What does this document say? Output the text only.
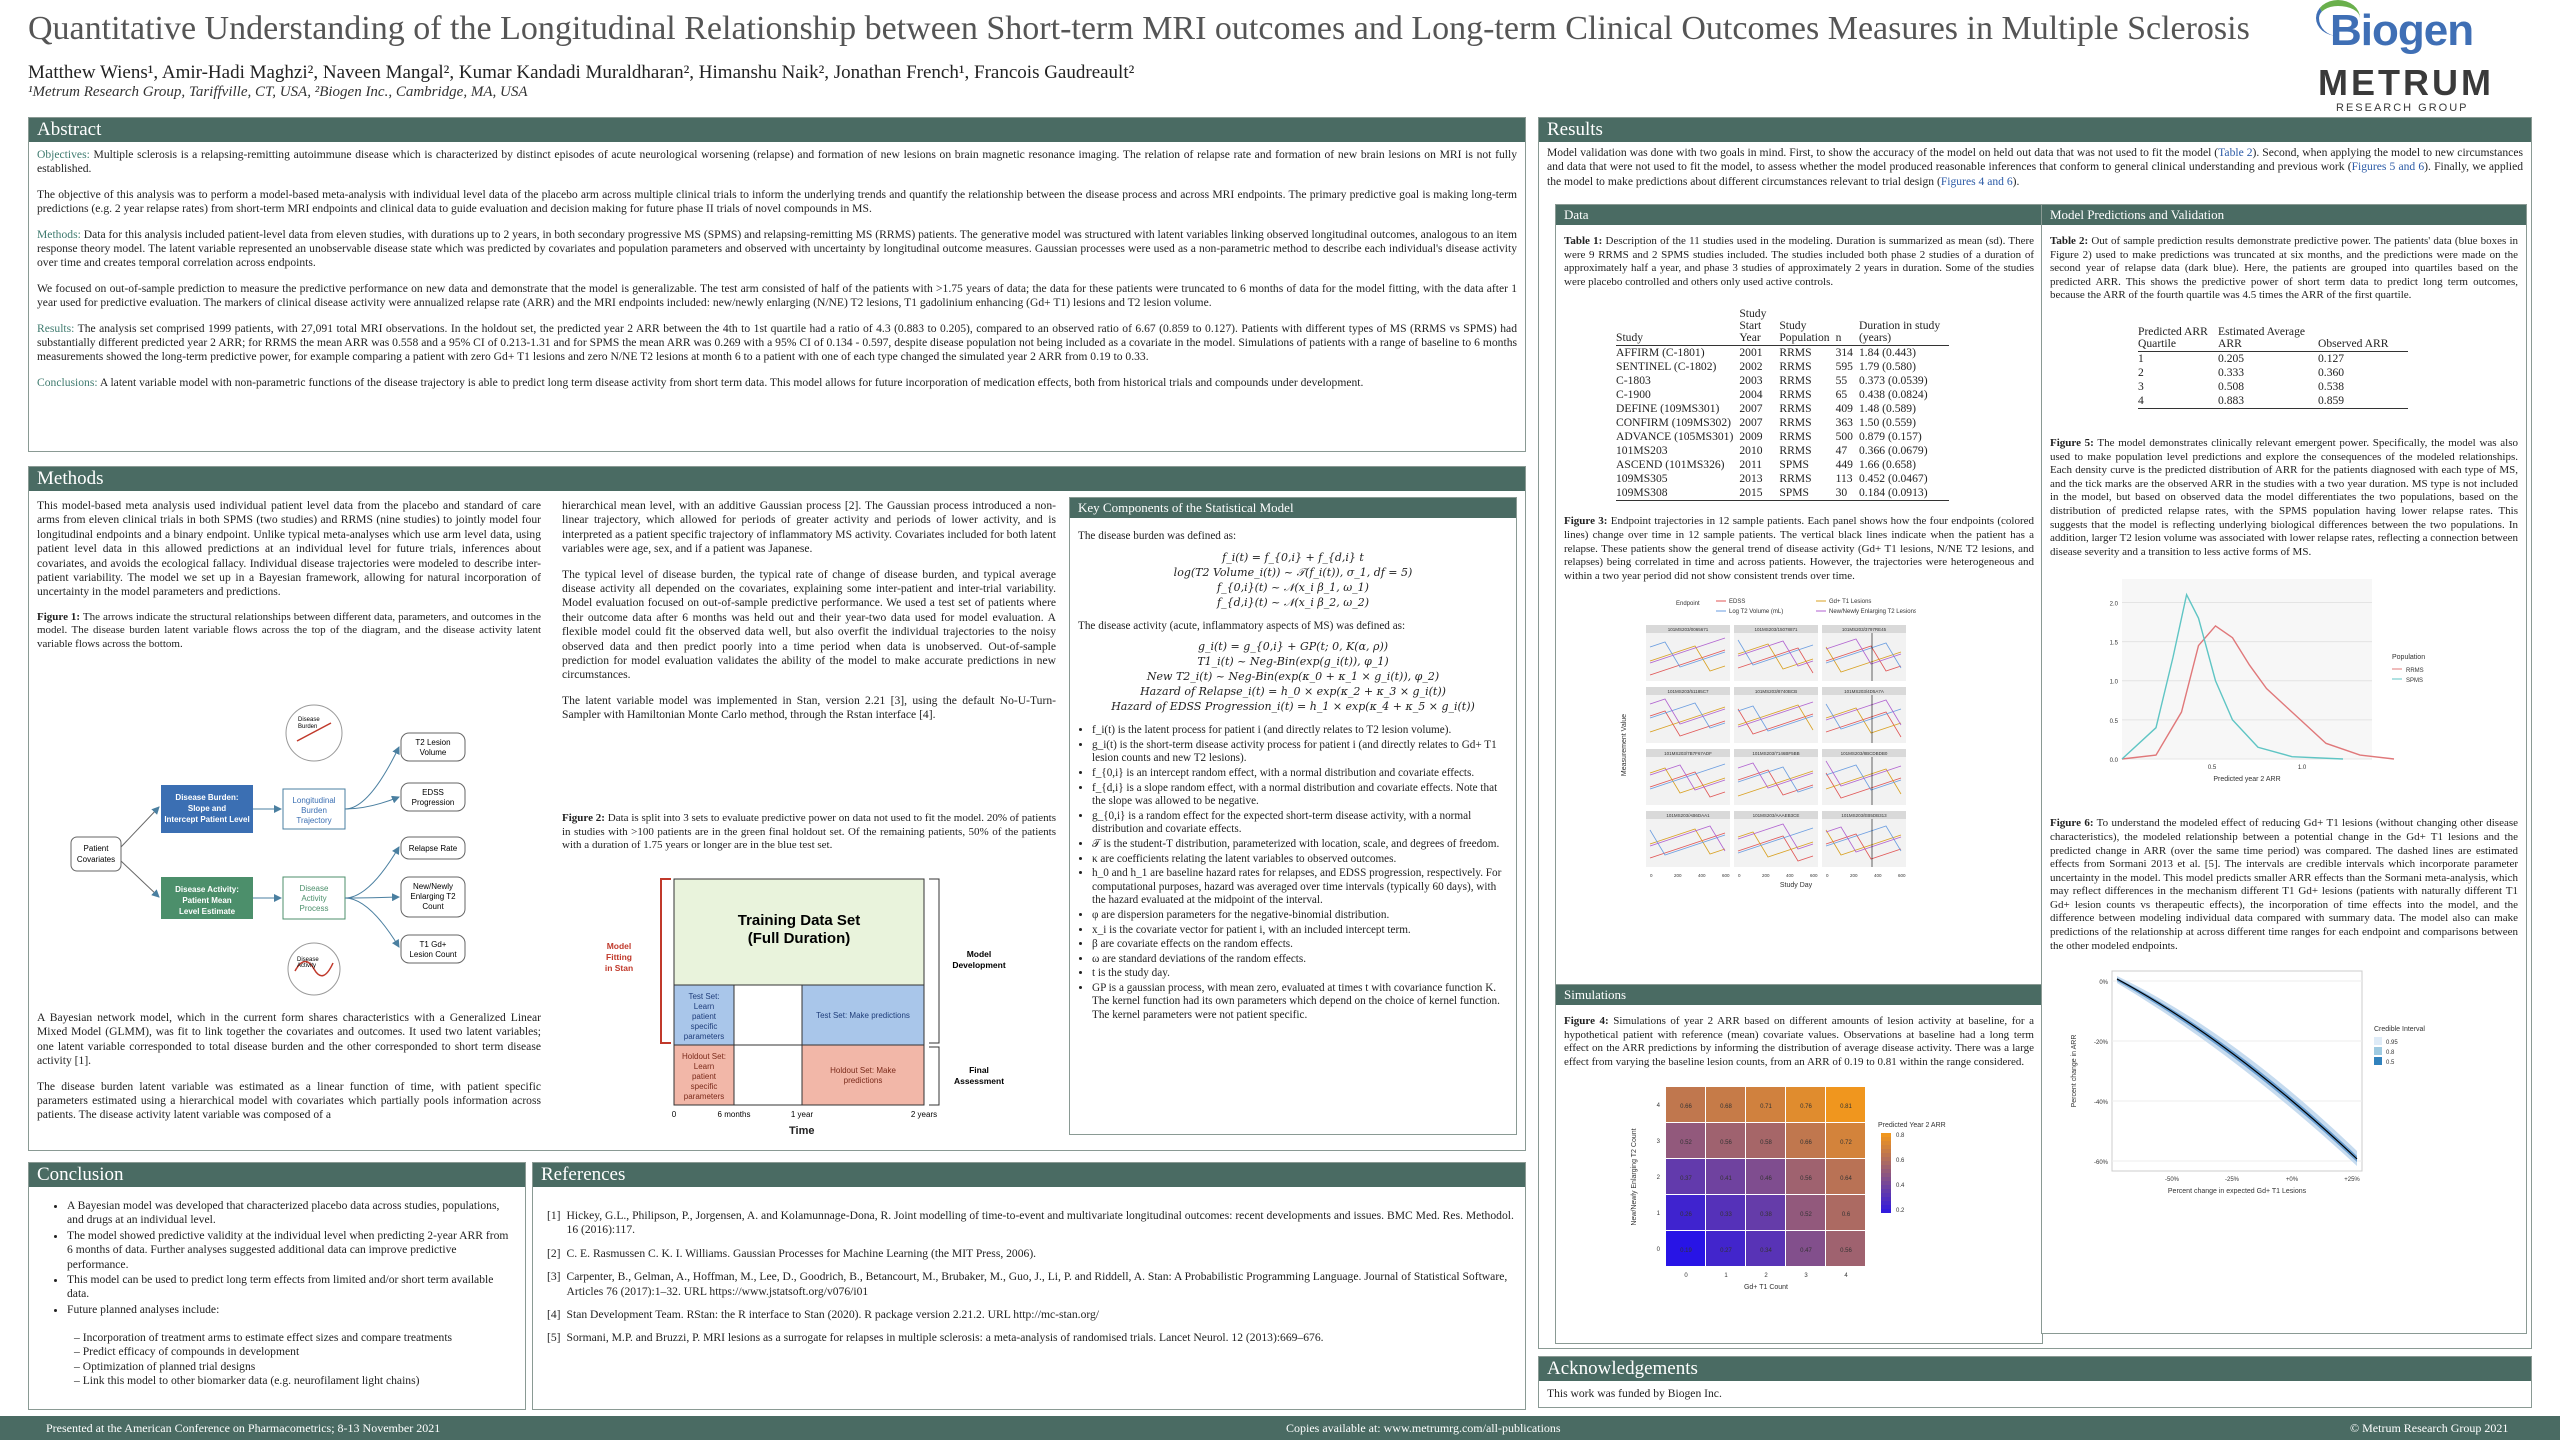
Quantitative Understanding of the Longitudinal Relationship between Short-term MRI outcomes and Long-term Clinical Outcomes Measures in Multiple Sclerosis
Matthew Wiens¹, Amir-Hadi Maghzi², Naveen Mangal², Kumar Kandadi Muraldharan², Himanshu Naik², Jonathan French¹, Francois Gaudreault²
¹Metrum Research Group, Tariffville, CT, USA, ²Biogen Inc., Cambridge, MA, USA
Biogen
METRUM
RESEARCH GROUP
Abstract

Objectives: Multiple sclerosis is a relapsing-remitting autoimmune disease which is characterized by distinct episodes of acute neurological worsening (relapse) and formation of new lesions on brain magnetic resonance imaging. The relation of relapse rate and formation of new brain lesions on MRI is not fully established.

The objective of this analysis was to perform a model-based meta-analysis with individual level data of the placebo arm across multiple clinical trials to inform the underlying trends and quantify the relationship between the disease process and across MRI endpoints. The primary predictive goal is making long-term predictions (e.g. 2 year relapse rates) from short-term MRI endpoints and clinical data to guide evaluation and decision making for future phase II trials of novel compounds in MS.

Methods: Data for this analysis included patient-level data from eleven studies, with durations up to 2 years, in both secondary progressive MS (SPMS) and relapsing-remitting MS (RRMS) patients. The generative model was structured with latent variables linking observed longitudinal outcomes, analogous to an item response theory model. The latent variable represented an unobservable disease state which was predicted by covariates and population parameters and observed with uncertainty by longitudinal outcome measures. Gaussian processes were used as a non-parametric method to describe each individual's disease activity over time and creates temporal correlation across endpoints.

We focused on out-of-sample prediction to measure the predictive performance on new data and demonstrate that the model is generalizable. The test arm consisted of half of the patients with >1.75 years of data; the data for these patients were truncated to 6 months of data for the model fitting, with the data after 1 year used for predictive evaluation. The markers of clinical disease activity were annualized relapse rate (ARR) and the MRI endpoints included: new/newly enlarging (N/NE) T2 lesions, T1 gadolinium enhancing (Gd+ T1) lesions and T2 lesion volume.

Results: The analysis set comprised 1999 patients, with 27,091 total MRI observations. In the holdout set, the predicted year 2 ARR between the 4th to 1st quartile had a ratio of 4.3 (0.883 to 0.205), compared to an observed ratio of 6.67 (0.859 to 0.127). Patients with different types of MS (RRMS vs SPMS) had substantially different predicted year 2 ARR; for RRMS the mean ARR was 0.558 and a 95% CI of 0.213-1.31 and for SPMS the mean ARR was 0.269 with a 95% CI of 0.134 - 0.597, despite disease population not being included as a covariate in the model. Simulations of patients with a range of baseline to 6 months measurements showed the long-term predictive power, for example comparing a patient with zero Gd+ T1 lesions and zero N/NE T2 lesions at month 6 to a patient with one of each type changed the simulated year 2 ARR from 0.19 to 0.33.

Conclusions: A latent variable model with non-parametric functions of the disease trajectory is able to predict long term disease activity from short term data. This model allows for future incorporation of medication effects, both from historical trials and compounds under development.

Methods

This model-based meta analysis used individual patient level data from the placebo and standard of care arms from eleven clinical trials in both SPMS (two studies) and RRMS (nine studies) to jointly model four longitudinal endpoints and a binary endpoint. Unlike typical meta-analyses which use arm level data, using patient level data in this allowed predictions at an individual level for future trials, inferences about covariates, and avoids the ecological fallacy. Individual disease trajectories were modeled to describe inter-patient variability. The model we set up in a Bayesian framework, allowing for natural incorporation of uncertainty in the model parameters and predictions.

Figure 1: The arrows indicate the structural relationships between different data, parameters, and outcomes in the model. The disease burden latent variable flows across the top of the diagram, and the disease activity latent variable flows across the bottom.

Patient
Covariates
Disease Burden:
Slope and
Intercept Patient Level
Disease Activity:
Patient Mean
Level Estimate
Longitudinal
Burden
Trajectory
Disease
Activity
Process
Disease
Burden
Disease
Activity
T2 Lesion
Volume
EDSS
Progression
Relapse Rate
New/Newly
Enlarging T2
Count
T1 Gd+
Lesion Count

A Bayesian network model, which in the current form shares characteristics with a Generalized Linear Mixed Model (GLMM), was fit to link together the covariates and outcomes. It used two latent variables; one latent variable corresponded to total disease burden and the other corresponded to short term disease activity [1].

The disease burden latent variable was estimated as a linear function of time, with patient specific parameters estimated using a hierarchical model with covariates which partially pools information across patients. The disease activity latent variable was composed of a

hierarchical mean level, with an additive Gaussian process [2]. The Gaussian process introduced a non-linear trajectory, which allowed for periods of greater activity and periods of lower activity, and is interpreted as a patient specific trajectory of inflammatory MS activity. Covariates included for both latent variables were age, sex, and if a patient was Japanese.

The typical level of disease burden, the typical rate of change of disease burden, and typical average disease activity all depended on the covariates, explaining some inter-patient and inter-trial variability. Model evaluation focused on out-of-sample predictive performance. We used a test set of patients where their outcome data after 6 months was held out and their year-two data used for model evaluation. A flexible model could fit the observed data well, but also overfit the individual trajectories to the noisy observed data and then predict poorly into a time period when data is unobserved. Out-of-sample prediction for model evaluation validates the ability of the model to make accurate predictions in new circumstances.

The latent variable model was implemented in Stan, version 2.21 [3], using the default No-U-Turn-Sampler with Hamiltonian Monte Carlo method, through the Rstan interface [4].

Figure 2: Data is split into 3 sets to evaluate predictive power on data not used to fit the model. 20% of patients in studies with >100 patients are in the green final holdout set. Of the remaining patients, 50% of the patients with a duration of 1.75 years or longer are in the blue test set.
Training Data Set
(Full Duration)
Test Set:
Learn
patient
specific
parameters
Test Set: Make predictions
Holdout Set:
Learn
patient
specific
parameters
Holdout Set: Make
predictions
Model
Fitting
in Stan
Model
Development
Final
Assessment
0	6 months	1 year	2 years
Time
Key Components of the Statistical Model

The disease burden was defined as:

f_i(t) = f_{0,i} + f_{d,i} t
log(T2 Volume_i(t)) ~ 𝒯(f_i(t)), σ_1, df = 5)
f_{0,i}(t) ~ 𝒩(x_i β_1, ω_1)
f_{d,i}(t) ~ 𝒩(x_i β_2, ω_2)

The disease activity (acute, inflammatory aspects of MS) was defined as:

g_i(t) = g_{0,i} + GP(t; 0, K(α, ρ))
T1_i(t) ~ Neg-Bin(exp(g_i(t)), φ_1)
New T2_i(t) ~ Neg-Bin(exp(κ_0 + κ_1 × g_i(t)), φ_2)
Hazard of Relapse_i(t) = h_0 × exp(κ_2 + κ_3 × g_i(t))
Hazard of EDSS Progression_i(t) = h_1 × exp(κ_4 + κ_5 × g_i(t))
• f_i(t) is the latent process for patient i (and directly relates to T2 lesion volume).
• g_i(t) is the short-term disease activity process for patient i (and directly relates to Gd+ T1 lesion counts and new T2 lesions).
• f_{0,i} is an intercept random effect, with a normal distribution and covariate effects.
• f_{d,i} is a slope random effect, with a normal distribution and covariate effects. Note that the slope was allowed to be negative.
• g_{0,i} is a random effect for the expected short-term disease activity, with a normal distribution and covariate effects.
• 𝒯 is the student-T distribution, parameterized with location, scale, and degrees of freedom.
• κ are coefficients relating the latent variables to observed outcomes.
• h_0 and h_1 are baseline hazard rates for relapses, and EDSS progression, respectively. For computational purposes, hazard was averaged over time intervals (typically 60 days), with the hazard evaluated at the midpoint of the interval.
• φ are dispersion parameters for the negative-binomial distribution.
• x_i is the covariate vector for patient i, with an included intercept term.
• β are covariate effects on the random effects.
• ω are standard deviations of the random effects.
• t is the study day.
• GP is a gaussian process, with mean zero, evaluated at times t with covariance function K. The kernel function had its own parameters which depend on the choice of kernel function. The kernel parameters were not patient specific.
Conclusion
• A Bayesian model was developed that characterized placebo data across studies, populations, and drugs at an individual level.
• The model showed predictive validity at the individual level when predicting 2-year ARR from 6 months of data. Further analyses suggested additional data can improve predictive performance.
• This model can be used to predict long term effects from limited and/or short term available data.
• Future planned analyses include:
– Incorporation of treatment arms to estimate effect sizes and compare treatments
– Predict efficacy of compounds in development
– Optimization of planned trial designs
– Link this model to other biomarker data (e.g. neurofilament light chains)
References
[1] Hickey, G.L., Philipson, P., Jorgensen, A. and Kolamunnage-Dona, R. Joint modelling of time-to-event and multivariate longitudinal outcomes: recent developments and issues. BMC Med. Res. Methodol. 16 (2016):117.
[2] C. E. Rasmussen C. K. I. Williams. Gaussian Processes for Machine Learning (the MIT Press, 2006).
[3] Carpenter, B., Gelman, A., Hoffman, M., Lee, D., Goodrich, B., Betancourt, M., Brubaker, M., Guo, J., Li, P. and Riddell, A. Stan: A Probabilistic Programming Language. Journal of Statistical Software, Articles 76 (2017):1–32. URL https://www.jstatsoft.org/v076/i01
[4] Stan Development Team. RStan: the R interface to Stan (2020). R package version 2.21.2. URL http://mc-stan.org/
[5] Sormani, M.P. and Bruzzi, P. MRI lesions as a surrogate for relapses in multiple sclerosis: a meta-analysis of randomised trials. Lancet Neurol. 12 (2013):669–676.
Results

Model validation was done with two goals in mind. First, to show the accuracy of the model on held out data that was not used to fit the model (Table 2). Second, when applying the model to new circumstances and data that were not used to fit the model, to assess whether the model produced reasonable inferences that conform to general clinical understanding and previous work (Figures 5 and 6). Finally, we applied the model to make predictions about different circumstances relevant to trial design (Figures 4 and 6).

Data
Table 1: Description of the 11 studies used in the modeling. Duration is summarized as mean (sd). There were 9 RRMS and 2 SPMS studies included. The studies included both phase 2 studies of a duration of approximately half a year, and phase 3 studies of approximately 2 years in duration. Some of the studies were placebo controlled and others only used active controls.
Study	Study Start Year	Study Population	n	Duration in study (years)
AFFIRM (C-1801)	2001	RRMS	314	1.84 (0.443)
SENTINEL (C-1802)	2002	RRMS	595	1.79 (0.580)
C-1803	2003	RRMS	55	0.373 (0.0539)
C-1900	2004	RRMS	65	0.438 (0.0824)
DEFINE (109MS301)	2007	RRMS	409	1.48 (0.589)
CONFIRM (109MS302)	2007	RRMS	363	1.50 (0.559)
ADVANCE (105MS301)	2009	RRMS	500	0.879 (0.157)
101MS203	2010	RRMS	47	0.366 (0.0679)
ASCEND (101MS326)	2011	SPMS	449	1.66 (0.658)
109MS305	2013	RRMS	113	0.452 (0.0467)
109MS308	2015	SPMS	30	0.184 (0.0913)
Figure 3: Endpoint trajectories in 12 sample patients. Each panel shows how the four endpoints (colored lines) change over time in 12 sample patients. The vertical black lines indicate when the patient has a relapse. These patients show the general trend of disease activity (Gd+ T1 lesions, N/NE T2 lesions, and relapses) being correlated in time and across patients. However, the trajectories were heterogeneous and within a two year period did not show consistent trends over time.
Endpoint	EDSS	Gd+ T1 Lesions
Log T2 Volume (mL)	New/Newly Enlarging T2 Lesions
101MS203/0065671	101MS203/15078871	101MS203/3797RE45
101MS203/51185C7	101MS203/8740BCB	101MS203/4D5A7A
101MS203/7B7F67ADF	101MS203/7146BF5BB	101MS203/8BCDBDB0
101MS203/AB6DAA1	101MS203/AAAEB3CE	101MS203/EB5DB313
Study Day
Measurement Value
0	0	0
200	200	200
400	400	400
600	600	600
Simulations
Figure 4: Simulations of year 2 ARR based on different amounts of lesion activity at baseline, for a hypothetical patient with reference (mean) covariate values. Observations at baseline had a long term effect on the ARR predictions by informing the distribution of average disease activity. There was a large effect from varying the baseline lesion counts, from an ARR of 0.19 to 0.81 within the range considered.
0.19	0.27	0.34	0.47	0.56
0.26	0.33	0.38	0.52	0.6
0.37	0.41	0.46	0.56	0.64
0.52	0.56	0.58	0.66	0.72
0.66	0.68	0.71	0.76	0.81
0	1	2	3	4
0
1
2
3
4
Gd+ T1 Count
New/Newly Enlarging T2 Count
Predicted Year 2 ARR
0.8
0.6
0.4
0.2
Model Predictions and Validation
Table 2: Out of sample prediction results demonstrate predictive power. The patients' data (blue boxes in Figure 2) used to make predictions was truncated at six months, and the predictions were made on the second year of relapse data (dark blue). Here, the patients are grouped into quartiles based on the predicted ARR. This shows the predictive power of short term data to predict long term outcomes, because the ARR of the fourth quartile was 4.5 times the ARR of the first quartile.
Predicted ARR Quartile	Estimated Average ARR	Observed ARR
1	0.205	0.127
2	0.333	0.360
3	0.508	0.538
4	0.883	0.859
Figure 5: The model demonstrates clinically relevant emergent power. Specifically, the model was also used to make population level predictions and explore the consequences of the modeled relationships. Each density curve is the predicted distribution of ARR for the patients diagnosed with each type of MS, and the tick marks are the observed ARR in the studies with a two year duration. MS type is not included in the model, but based on observed data the model differentiates the two populations, based on the distribution of predicted relapse rates, with the SPMS population having lower relapse rates. This suggests that the model is reflecting underlying biological differences between the two populations. In addition, larger T2 lesion volume was associated with lower relapse rates, reflecting a connection between disease severity and a transition to less active forms of MS.
0.0
0.5
1.0
1.5
2.0
0.5	1.0
Predicted year 2 ARR
Population
RRMS
SPMS
Figure 6: To understand the modeled effect of reducing Gd+ T1 lesions (without changing other disease characteristics), the modeled relationship between a potential change in the Gd+ T1 lesions and the predicted change in ARR (over the same time period) was compared. The dashed lines are estimated effects from Sormani 2013 et al. [5]. The intervals are credible intervals which incorporate parameter uncertainty in the model. This model predicts smaller ARR effects than the Sormani meta-analysis, which may reflect differences in the mechanism different T1 Gd+ lesions (patients with naturally different T1 Gd+ lesion counts vs therapeutic effects), the incorporation of time effects into the model, and the difference between modeling individual data compared with summary data. The model also can make predictions of the relationship at across different time ranges for each endpoint and comparisons between the other modeled endpoints.
0%
-20%
-40%
-60%
-50%	-25%	+0%	+25%
Percent change in expected Gd+ T1 Lesions
Percent change in ARR
Credible Interval
0.95
0.8
0.5
Acknowledgements
This work was funded by Biogen Inc.
Presented at the American Conference on Pharmacometrics; 8-13 November 2021	Copies available at: www.metrumrg.com/all-publications	© Metrum Research Group 2021
